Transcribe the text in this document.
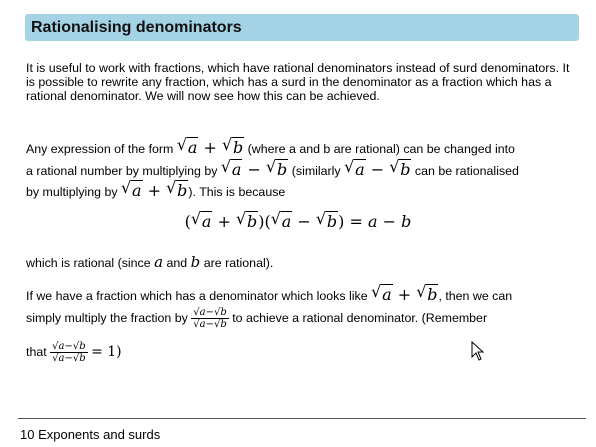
Rationalising denominators
It is useful to work with fractions, which have rational denominators instead of surd denominators. It is possible to rewrite any fraction, which has a surd in the denominator as a fraction which has a rational denominator. We will now see how this can be achieved.
Any expression of the form √ a + √ b (where a and b are rational) can be changed into
a rational number by multiplying by √ a − √ b (similarly √ a − √ b can be rationalised
by multiplying by √ a + √ b). This is because
( √ a + √ b)( √ a − √ b) = a − b
which is rational (since a and b are rational).
If we have a fraction which has a denominator which looks like √ a + √ b, then we can
simply multiply the fraction by $\frac{√a-√b}{√a-√b}$ to achieve a rational denominator. (Remember
that $\frac{√a-√b}{√a-√b} = 1$)
10 Exponents and surds
